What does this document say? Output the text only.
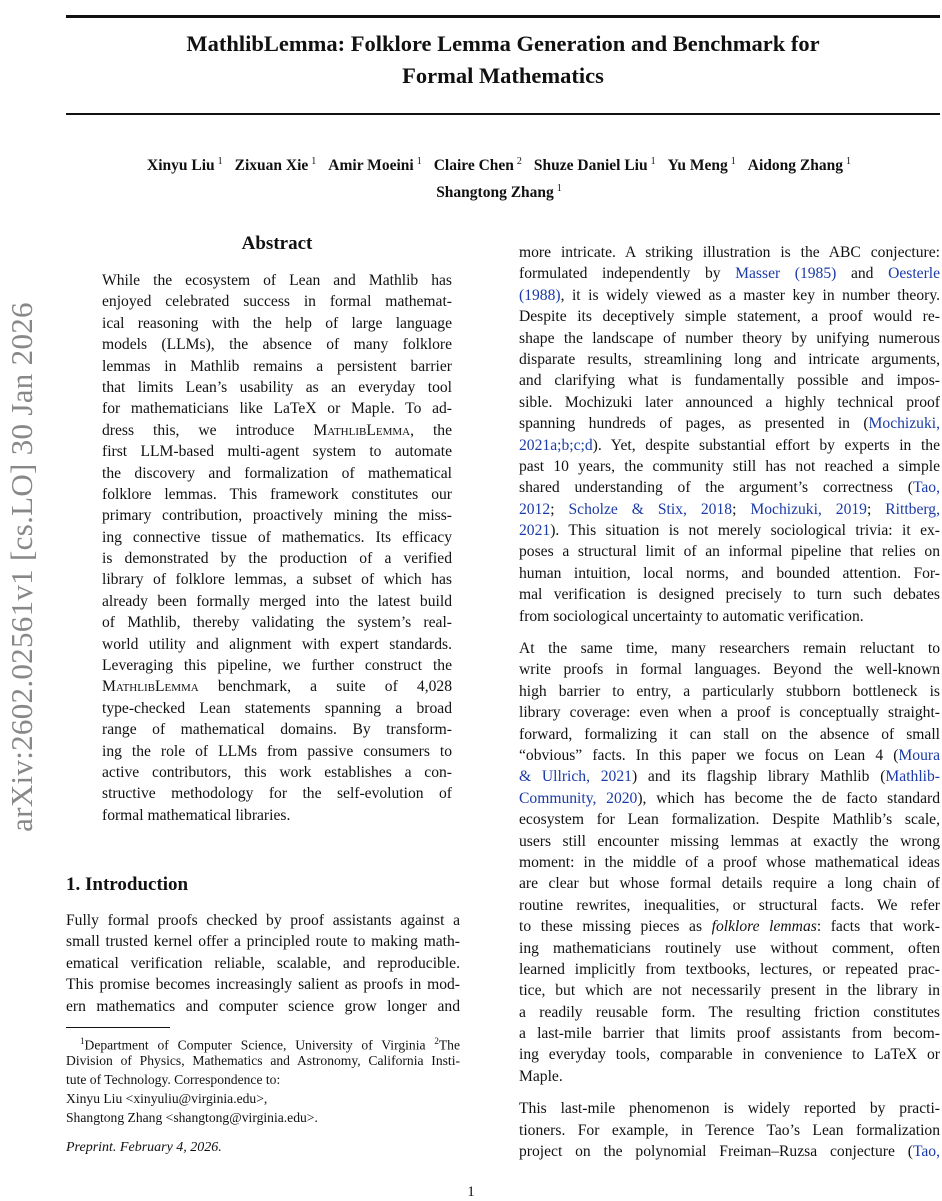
arXiv:2602.02561v1 [cs.LO] 30 Jan 2026
MathlibLemma: Folklore Lemma Generation and Benchmark for
Formal Mathematics
Xinyu Liu $^1$ Zixuan Xie $^1$ Amir Moeini $^1$ Claire Chen $^2$ Shuze Daniel Liu $^1$ Yu Meng $^1$ Aidong Zhang $^1$
Shangtong Zhang $^1$
Abstract
While the ecosystem of Lean and Mathlib has
enjoyed celebrated success in formal mathemat-
ical reasoning with the help of large language
models (LLMs), the absence of many folklore
lemmas in Mathlib remains a persistent barrier
that limits Lean’s usability as an everyday tool
for mathematicians like LaTeX or Maple. To ad-
dress this, we introduce MathlibLemma, the
first LLM-based multi-agent system to automate
the discovery and formalization of mathematical
folklore lemmas. This framework constitutes our
primary contribution, proactively mining the miss-
ing connective tissue of mathematics. Its efficacy
is demonstrated by the production of a verified
library of folklore lemmas, a subset of which has
already been formally merged into the latest build
of Mathlib, thereby validating the system’s real-
world utility and alignment with expert standards.
Leveraging this pipeline, we further construct the
MathlibLemma benchmark, a suite of 4,028
type-checked Lean statements spanning a broad
range of mathematical domains. By transform-
ing the role of LLMs from passive consumers to
active contributors, this work establishes a con-
structive methodology for the self-evolution of
formal mathematical libraries.
1. Introduction
Fully formal proofs checked by proof assistants against a
small trusted kernel offer a principled route to making math-
ematical verification reliable, scalable, and reproducible.
This promise becomes increasingly salient as proofs in mod-
ern mathematics and computer science grow longer and
$^1$Department of Computer Science, University of Virginia $^2$The
Division of Physics, Mathematics and Astronomy, California Insti-
tute of Technology. Correspondence to:
Xinyu Liu <xinyuliu@virginia.edu>,
Shangtong Zhang <shangtong@virginia.edu>.
Preprint. February 4, 2026.
more intricate. A striking illustration is the ABC conjecture:
formulated independently by Masser (1985) and Oesterle
(1988), it is widely viewed as a master key in number theory.
Despite its deceptively simple statement, a proof would re-
shape the landscape of number theory by unifying numerous
disparate results, streamlining long and intricate arguments,
and clarifying what is fundamentally possible and impos-
sible. Mochizuki later announced a highly technical proof
spanning hundreds of pages, as presented in (Mochizuki,
2021a;b;c;d). Yet, despite substantial effort by experts in the
past 10 years, the community still has not reached a simple
shared understanding of the argument’s correctness (Tao,
2012; Scholze & Stix, 2018; Mochizuki, 2019; Rittberg,
2021). This situation is not merely sociological trivia: it ex-
poses a structural limit of an informal pipeline that relies on
human intuition, local norms, and bounded attention. For-
mal verification is designed precisely to turn such debates
from sociological uncertainty to automatic verification.
At the same time, many researchers remain reluctant to
write proofs in formal languages. Beyond the well-known
high barrier to entry, a particularly stubborn bottleneck is
library coverage: even when a proof is conceptually straight-
forward, formalizing it can stall on the absence of small
“obvious” facts. In this paper we focus on Lean 4 (Moura
& Ullrich, 2021) and its flagship library Mathlib (Mathlib-
Community, 2020), which has become the de facto standard
ecosystem for Lean formalization. Despite Mathlib’s scale,
users still encounter missing lemmas at exactly the wrong
moment: in the middle of a proof whose mathematical ideas
are clear but whose formal details require a long chain of
routine rewrites, inequalities, or structural facts. We refer
to these missing pieces as folklore lemmas: facts that work-
ing mathematicians routinely use without comment, often
learned implicitly from textbooks, lectures, or repeated prac-
tice, but which are not necessarily present in the library in
a readily reusable form. The resulting friction constitutes
a last-mile barrier that limits proof assistants from becom-
ing everyday tools, comparable in convenience to LaTeX or
Maple.
This last-mile phenomenon is widely reported by practi-
tioners. For example, in Terence Tao’s Lean formalization
project on the polynomial Freiman–Ruzsa conjecture (Tao,
1
